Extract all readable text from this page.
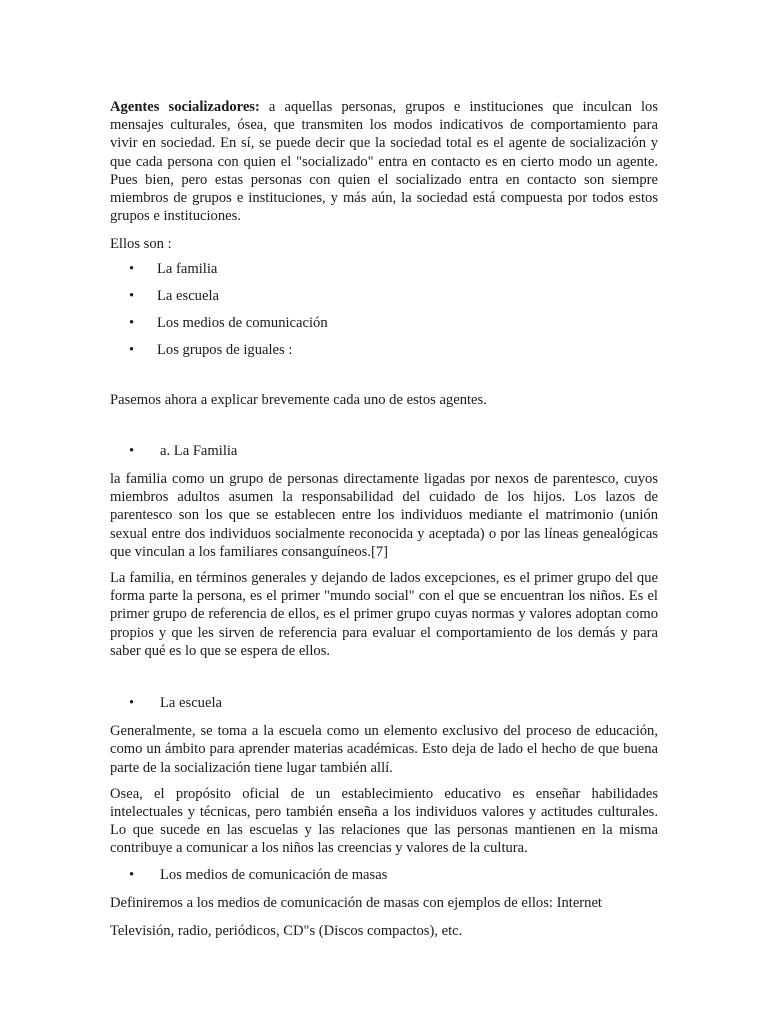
Agentes socializadores: a aquellas personas, grupos e instituciones que inculcan los mensajes culturales, ósea, que transmiten los modos indicativos de comportamiento para vivir en sociedad. En sí, se puede decir que la sociedad total es el agente de socialización y que cada persona con quien el "socializado" entra en contacto es en cierto modo un agente. Pues bien, pero estas personas con quien el socializado entra en contacto son siempre miembros de grupos e instituciones, y más aún, la sociedad está compuesta por todos estos grupos e instituciones.

Ellos son :

• La familia
• La escuela
• Los medios de comunicación
• Los grupos de iguales :

Pasemos ahora a explicar brevemente cada uno de estos agentes.

• a. La Familia

la familia como un grupo de personas directamente ligadas por nexos de parentesco, cuyos miembros adultos asumen la responsabilidad del cuidado de los hijos. Los lazos de parentesco son los que se establecen entre los individuos mediante el matrimonio (unión sexual entre dos individuos socialmente reconocida y aceptada) o por las líneas genealógicas que vinculan a los familiares consanguíneos.[7]

La familia, en términos generales y dejando de lados excepciones, es el primer grupo del que forma parte la persona, es el primer "mundo social" con el que se encuentran los niños. Es el primer grupo de referencia de ellos, es el primer grupo cuyas normas y valores adoptan como propios y que les sirven de referencia para evaluar el comportamiento de los demás y para saber qué es lo que se espera de ellos.

• La escuela

Generalmente, se toma a la escuela como un elemento exclusivo del proceso de educación, como un ámbito para aprender materias académicas. Esto deja de lado el hecho de que buena parte de la socialización tiene lugar también allí.

Osea, el propósito oficial de un establecimiento educativo es enseñar habilidades intelectuales y técnicas, pero también enseña a los individuos valores y actitudes culturales. Lo que sucede en las escuelas y las relaciones que las personas mantienen en la misma contribuye a comunicar a los niños las creencias y valores de la cultura.

• Los medios de comunicación de masas

Definiremos a los medios de comunicación de masas con ejemplos de ellos: Internet

Televisión, radio, periódicos, CD"s (Discos compactos), etc.
